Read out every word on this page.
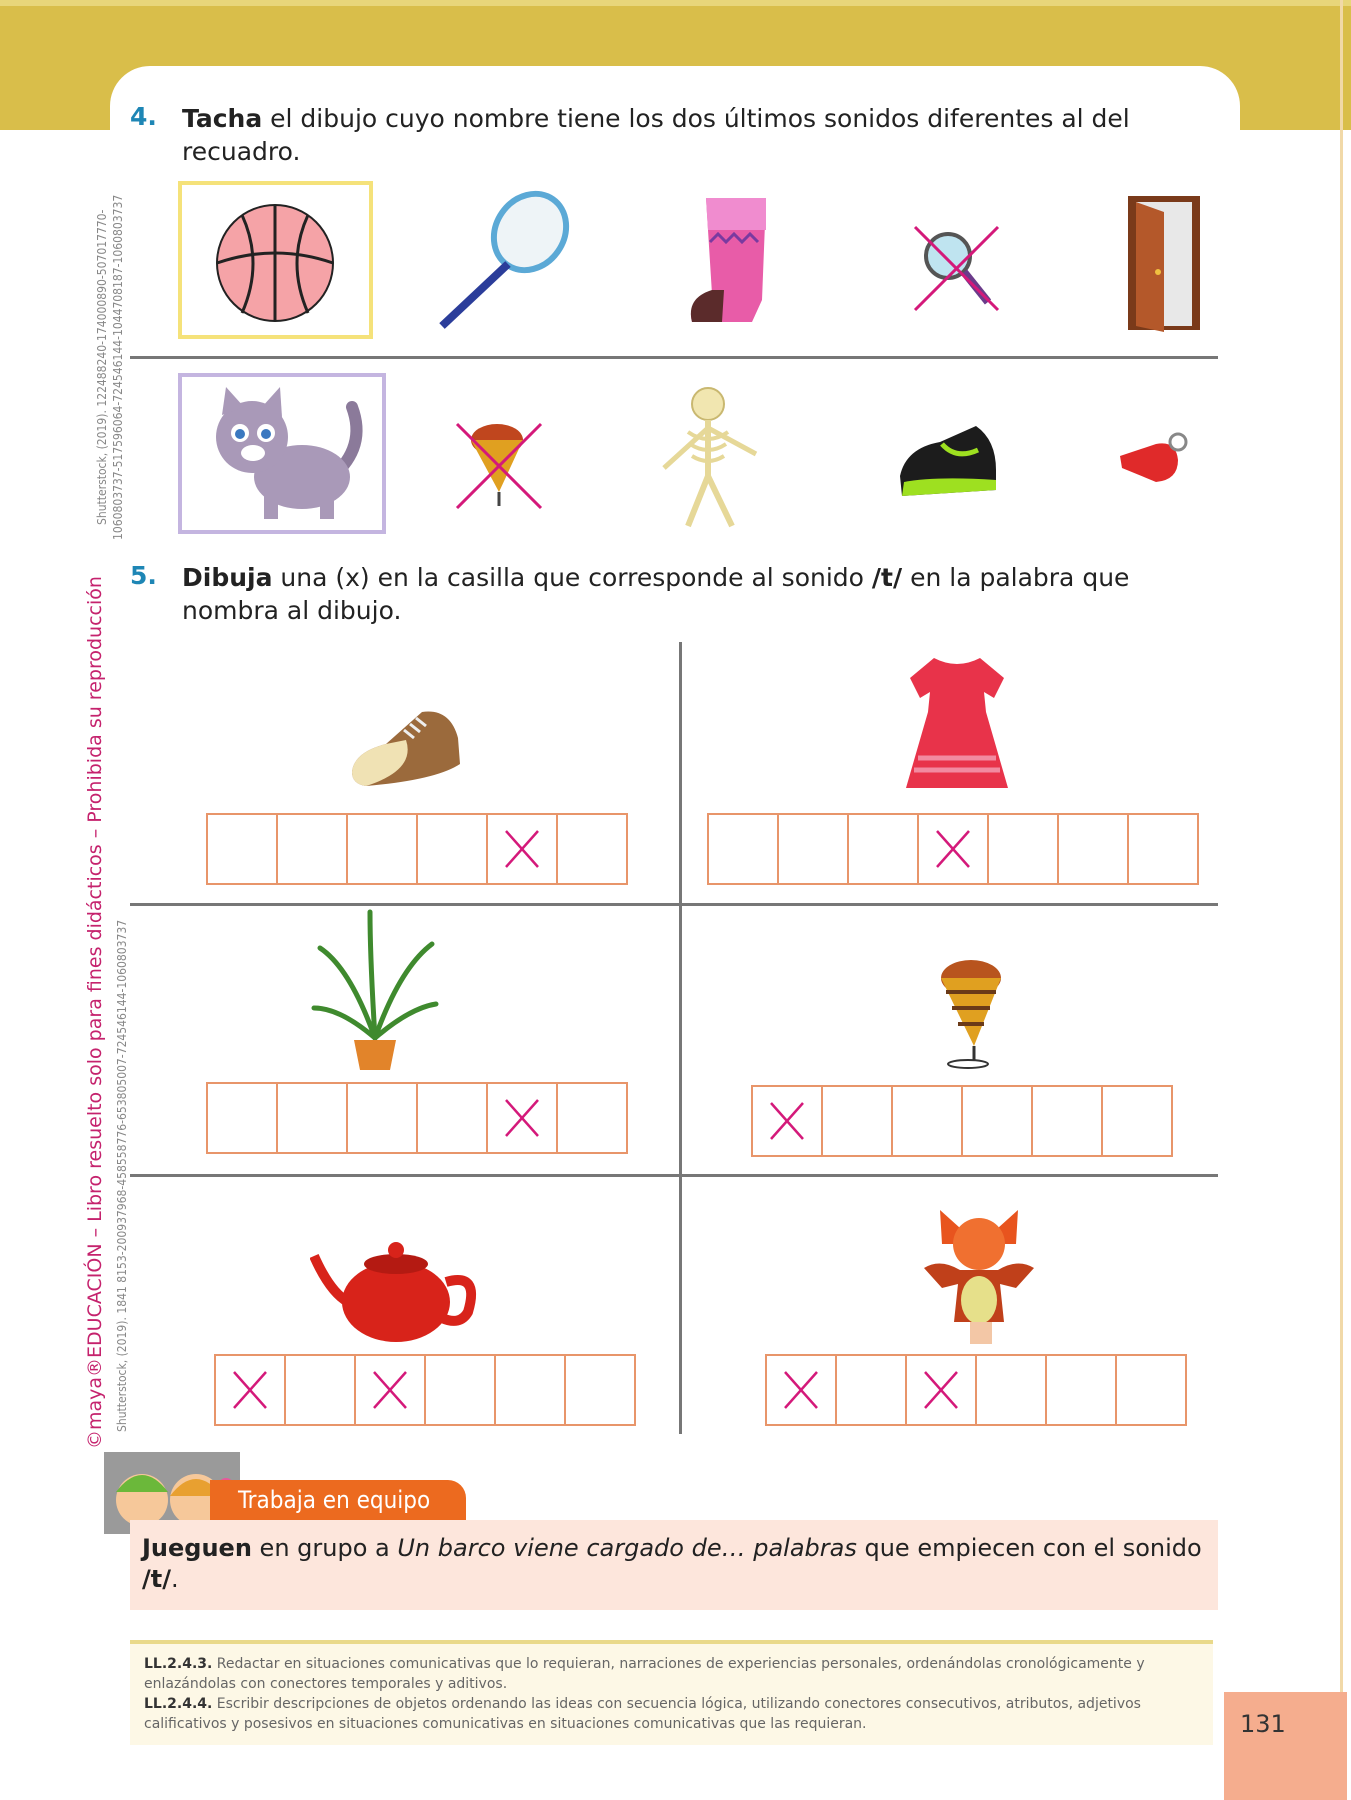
©maya®EDUCACIÓN – Libro resuelto solo para fines didácticos – Prohibida su reproducción
Shutterstock, (2019). 122488240-174000890-507017770- 1060803737-517596064-724546144-1044708187-1060803737
Shutterstock, (2019). 1841 8153-200937968-458558776-653805007-724546144-1060803737
4. Tacha el dibujo cuyo nombre tiene los dos últimos sonidos diferentes al del recuadro.
5. Dibuja una (x) en la casilla que corresponde al sonido /t/ en la palabra que nombra al dibujo.
Trabaja en equipo
Jueguen en grupo a Un barco viene cargado de… palabras que empiecen con el sonido /t/.
LL.2.4.3. Redactar en situaciones comunicativas que lo requieran, narraciones de experiencias personales, ordenándolas cronológicamente y enlazándolas con conectores temporales y aditivos.
LL.2.4.4. Escribir descripciones de objetos ordenando las ideas con secuencia lógica, utilizando conectores consecutivos, atributos, adjetivos calificativos y posesivos en situaciones comunicativas en situaciones comunicativas que las requieran.	131
